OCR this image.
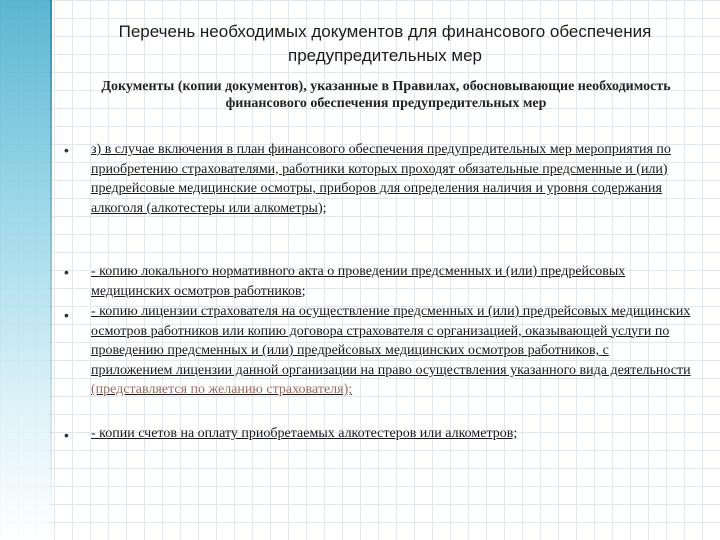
Перечень необходимых документов для финансового обеспечения предупредительных мер
Документы (копии документов), указанные в Правилах, обосновывающие необходимость финансового обеспечения предупредительных мер
• з) в случае включения в план финансового обеспечения предупредительных мер мероприятия по приобретению страхователями, работники которых проходят обязательные предсменные и (или) предрейсовые медицинские осмотры, приборов для определения наличия и уровня содержания алкоголя (алкотестеры или алкометры);
• - копию локального нормативного акта о проведении предсменных и (или) предрейсовых медицинских осмотров работников;
• - копию лицензии страхователя на осуществление предсменных и (или) предрейсовых медицинских осмотров работников или копию договора страхователя с организацией, оказывающей услуги по проведению предсменных и (или) предрейсовых медицинских осмотров работников, с приложением лицензии данной организации на право осуществления указанного вида деятельности (представляется по желанию страхователя);
• - копии счетов на оплату приобретаемых алкотестеров или алкометров;
